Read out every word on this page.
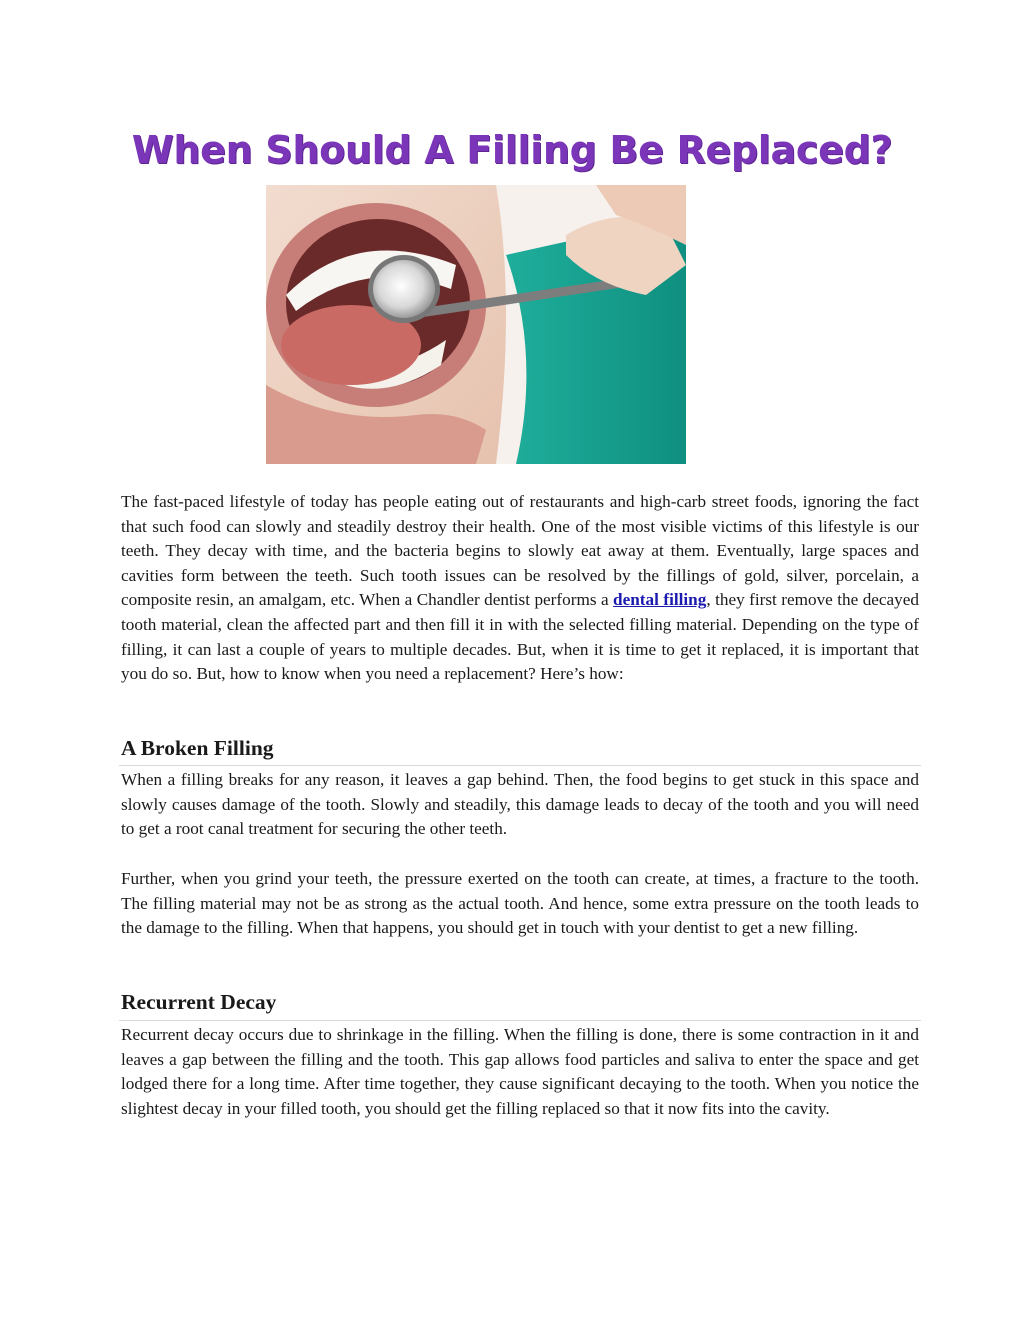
When Should A Filling Be Replaced?

The fast-paced lifestyle of today has people eating out of restaurants and high-carb street foods, ignoring the fact that such food can slowly and steadily destroy their health. One of the most visible victims of this lifestyle is our teeth. They decay with time, and the bacteria begins to slowly eat away at them. Eventually, large spaces and cavities form between the teeth. Such tooth issues can be resolved by the fillings of gold, silver, porcelain, a composite resin, an amalgam, etc. When a Chandler dentist performs a dental filling, they first remove the decayed tooth material, clean the affected part and then fill it in with the selected filling material. Depending on the type of filling, it can last a couple of years to multiple decades. But, when it is time to get it replaced, it is important that you do so. But, how to know when you need a replacement? Here’s how:

A Broken Filling

When a filling breaks for any reason, it leaves a gap behind. Then, the food begins to get stuck in this space and slowly causes damage of the tooth. Slowly and steadily, this damage leads to decay of the tooth and you will need to get a root canal treatment for securing the other teeth.

Further, when you grind your teeth, the pressure exerted on the tooth can create, at times, a fracture to the tooth. The filling material may not be as strong as the actual tooth. And hence, some extra pressure on the tooth leads to the damage to the filling. When that happens, you should get in touch with your dentist to get a new filling.

Recurrent Decay

Recurrent decay occurs due to shrinkage in the filling. When the filling is done, there is some contraction in it and leaves a gap between the filling and the tooth. This gap allows food particles and saliva to enter the space and get lodged there for a long time. After time together, they cause significant decaying to the tooth. When you notice the slightest decay in your filled tooth, you should get the filling replaced so that it now fits into the cavity.
